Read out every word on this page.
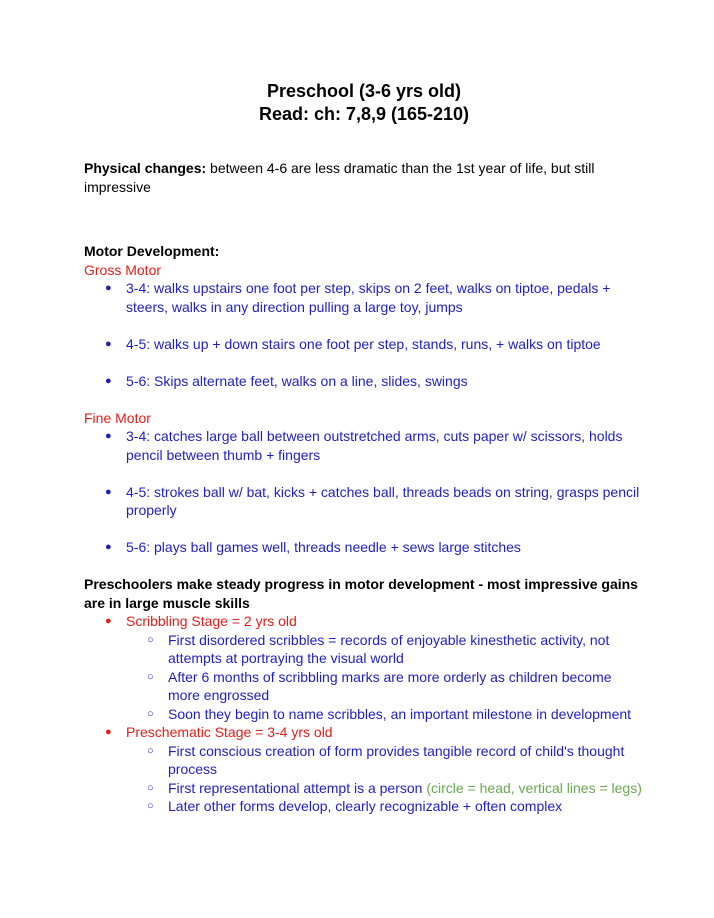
Preschool (3-6 yrs old)

Read: ch: 7,8,9 (165-210)

Physical changes: between 4-6 are less dramatic than the 1st year of life, but still impressive

Motor Development:

Gross Motor

● 3-4: walks upstairs one foot per step, skips on 2 feet, walks on tiptoe, pedals + steers, walks in any direction pulling a large toy, jumps
● 4-5: walks up + down stairs one foot per step, stands, runs, + walks on tiptoe
● 5-6: Skips alternate feet, walks on a line, slides, swings

Fine Motor

● 3-4: catches large ball between outstretched arms, cuts paper w/ scissors, holds pencil between thumb + fingers
● 4-5: strokes ball w/ bat, kicks + catches ball, threads beads on string, grasps pencil properly
● 5-6: plays ball games well, threads needle + sews large stitches

Preschoolers make steady progress in motor development - most impressive gains are in large muscle skills

● Scribbling Stage = 2 yrs old
○ First disordered scribbles = records of enjoyable kinesthetic activity, not attempts at portraying the visual world
○ After 6 months of scribbling marks are more orderly as children become more engrossed
○ Soon they begin to name scribbles, an important milestone in development
● Preschematic Stage = 3-4 yrs old
○ First conscious creation of form provides tangible record of child's thought process
○ First representational attempt is a person (circle = head, vertical lines = legs)
○ Later other forms develop, clearly recognizable + often complex
